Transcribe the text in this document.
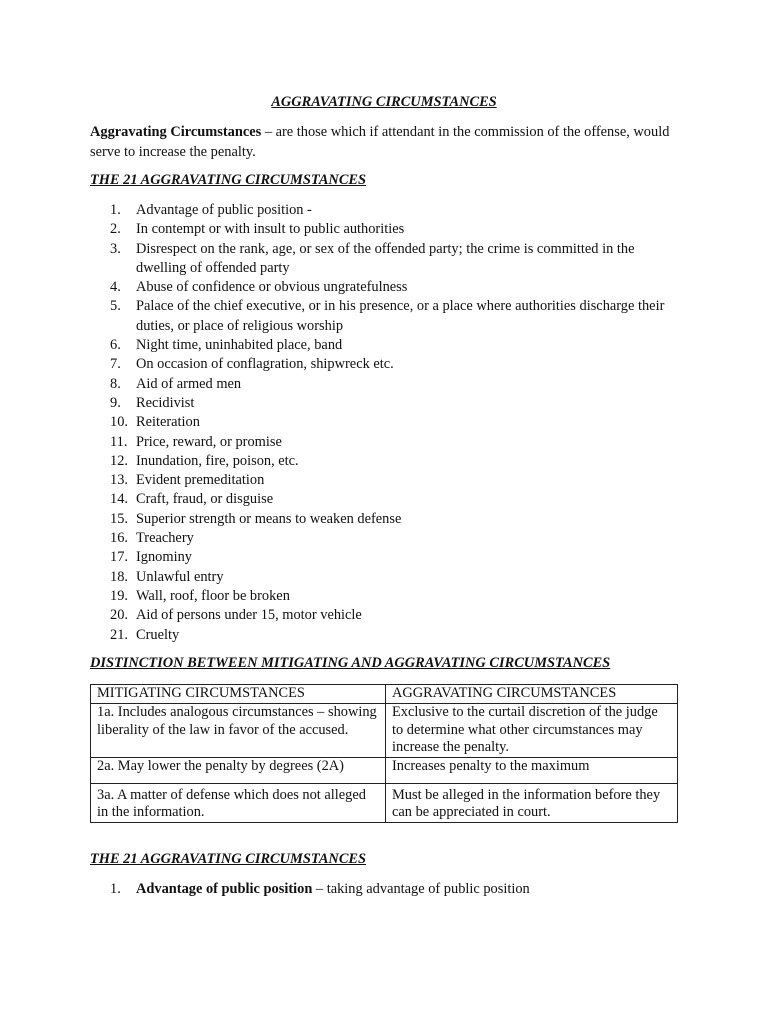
AGGRAVATING CIRCUMSTANCES
Aggravating Circumstances – are those which if attendant in the commission of the offense, would serve to increase the penalty.
THE 21 AGGRAVATING CIRCUMSTANCES
1.	Advantage of public position -
2.	In contempt or with insult to public authorities
3.	Disrespect on the rank, age, or sex of the offended party; the crime is committed in the dwelling of offended party
4.	Abuse of confidence or obvious ungratefulness
5.	Palace of the chief executive, or in his presence, or a place where authorities discharge their duties, or place of religious worship
6.	Night time, uninhabited place, band
7.	On occasion of conflagration, shipwreck etc.
8.	Aid of armed men
9.	Recidivist
10. Reiteration
11. Price, reward, or promise
12. Inundation, fire, poison, etc.
13. Evident premeditation
14. Craft, fraud, or disguise
15. Superior strength or means to weaken defense
16. Treachery
17. Ignominy
18. Unlawful entry
19. Wall, roof, floor be broken
20. Aid of persons under 15, motor vehicle
21. Cruelty
DISTINCTION BETWEEN MITIGATING AND AGGRAVATING CIRCUMSTANCES
MITIGATING CIRCUMSTANCES	AGGRAVATING CIRCUMSTANCES
1a. Includes analogous circumstances – showing liberality of the law in favor of the accused.	Exclusive to the curtail discretion of the judge to determine what other circumstances may increase the penalty.
2a. May lower the penalty by degrees (2A)	Increases penalty to the maximum
3a. A matter of defense which does not alleged in the information.	Must be alleged in the information before they can be appreciated in court.
THE 21 AGGRAVATING CIRCUMSTANCES
1. Advantage of public position – taking advantage of public position
